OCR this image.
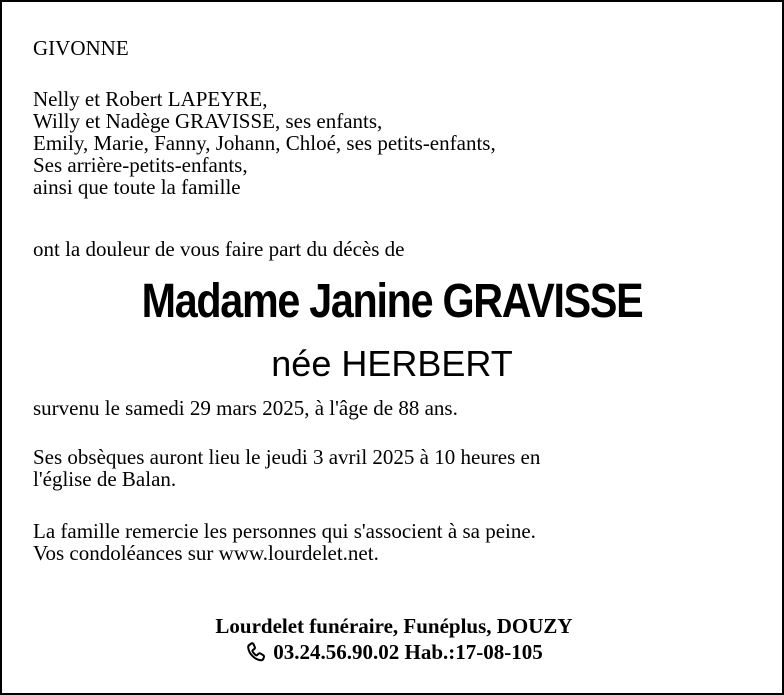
GIVONNE
Nelly et Robert LAPEYRE,
Willy et Nadège GRAVISSE, ses enfants,
Emily, Marie, Fanny, Johann, Chloé, ses petits-enfants,
Ses arrière-petits-enfants,
ainsi que toute la famille
ont la douleur de vous faire part du décès de
Madame Janine GRAVISSE
née HERBERT
survenu le samedi 29 mars 2025, à l'âge de 88 ans.
Ses obsèques auront lieu le jeudi 3 avril 2025 à 10 heures en
l'église de Balan.
La famille remercie les personnes qui s'associent à sa peine.
Vos condoléances sur www.lourdelet.net.
Lourdelet funéraire, Funéplus, DOUZY
03.24.56.90.02 Hab.:17-08-105
